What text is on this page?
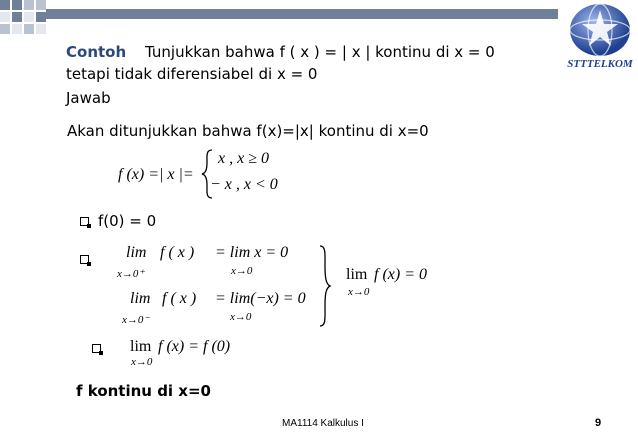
STTTELKOM
Contoh Tunjukkan bahwa f ( x ) = | x | kontinu di x = 0
tetapi tidak diferensiabel di x = 0
Jawab
Akan ditunjukkan bahwa f(x)=|x| kontinu di x=0
f (x) =| x |=
x , x ≥ 0
− x , x < 0
f(0) = 0
lim f ( x )
x→0⁺
= lim x = 0
x→0
lim f ( x )
x→0⁻
= lim(−x) = 0
x→0
lim f (x) = 0
x→0
lim f (x) = f (0)
x→0
f kontinu di x=0
MA1114 Kalkulus I	9
